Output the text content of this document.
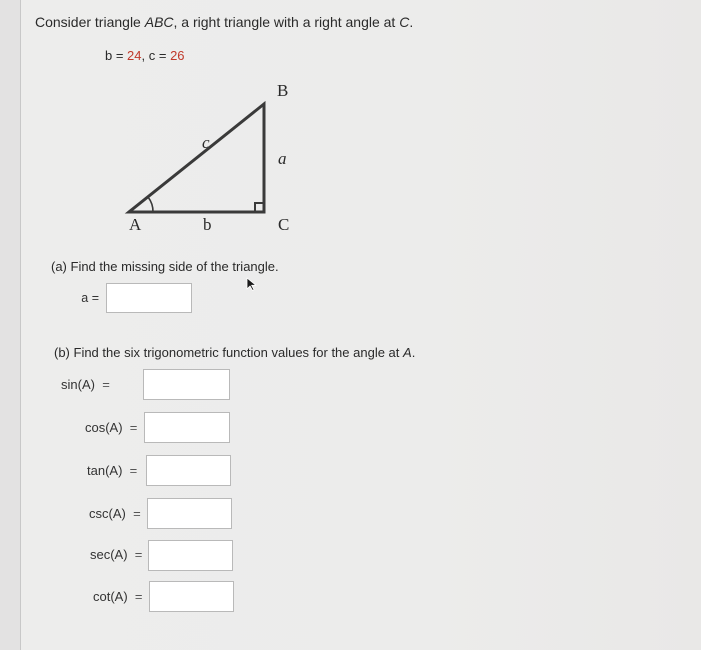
Consider triangle ABC, a right triangle with a right angle at C.
b = 24, c = 26
A
B
C
c
a
b
(a) Find the missing side of the triangle.
a =
(b) Find the six trigonometric function values for the angle at A.
sin(A) =
cos(A) =
tan(A) =
csc(A) =
sec(A) =
cot(A) =
